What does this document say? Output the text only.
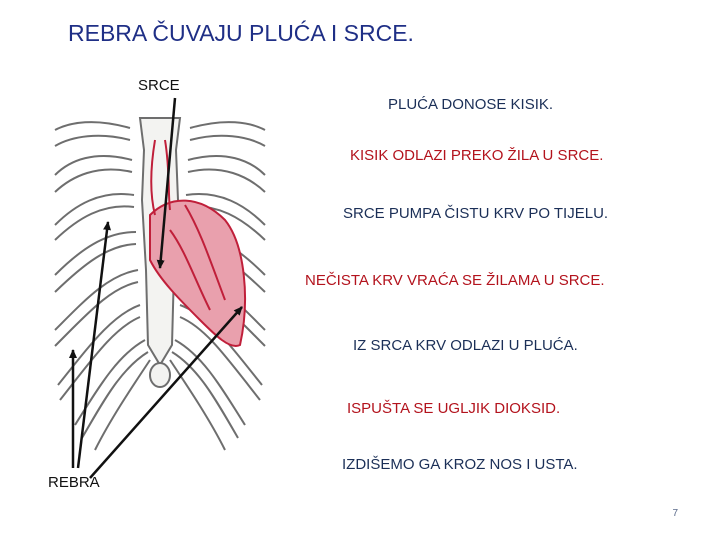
REBRA ČUVAJU PLUĆA I SRCE.
SRCE
REBRA
PLUĆA DONOSE KISIK.
KISIK ODLAZI PREKO ŽILA U SRCE.
SRCE PUMPA ČISTU KRV PO TIJELU.
NEČISTA KRV VRAĆA SE ŽILAMA U SRCE.
IZ SRCA KRV ODLAZI U PLUĆA.
ISPUŠTA SE UGLJIK DIOKSID.
IZDIŠEMO GA KROZ NOS I USTA.
7
